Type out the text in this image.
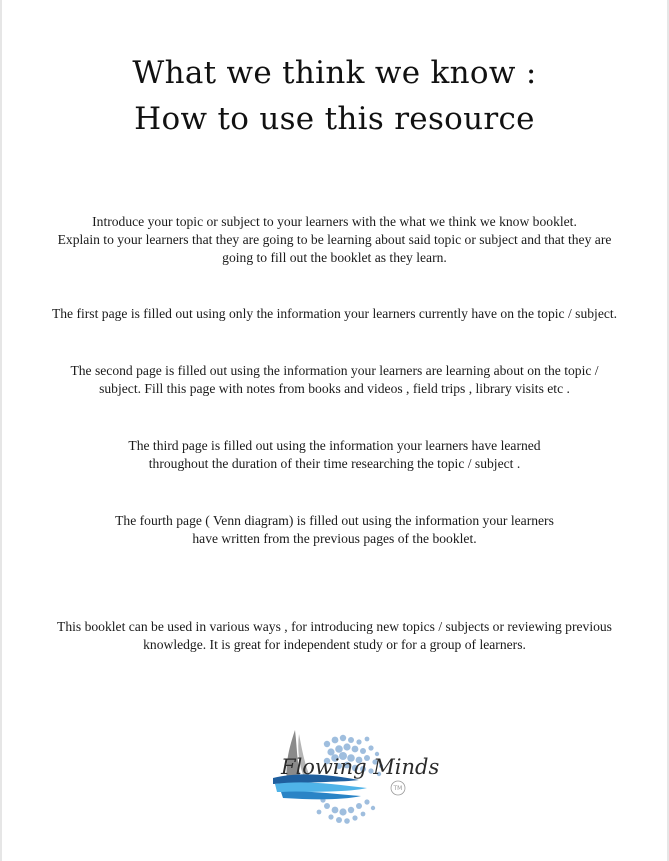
What we think we know :
How to use this resource

Introduce your topic or subject to your learners with the what we think we know booklet.
Explain to your learners that they are going to be learning about said topic or subject and that they are
going to fill out the booklet as they learn.

The first page is filled out using only the information your learners currently have on the topic / subject.

The second page is filled out using the information your learners are learning about on the topic /
subject. Fill this page with notes from books and videos , field trips , library visits etc .

The third page is filled out using the information your learners have learned
throughout the duration of their time researching the topic / subject .

The fourth page ( Venn diagram) is filled out using the information your learners
have written from the previous pages of the booklet.

This booklet can be used in various ways , for introducing new topics / subjects or reviewing previous
knowledge. It is great for independent study or for a group of learners.

Flowing Minds
TM
